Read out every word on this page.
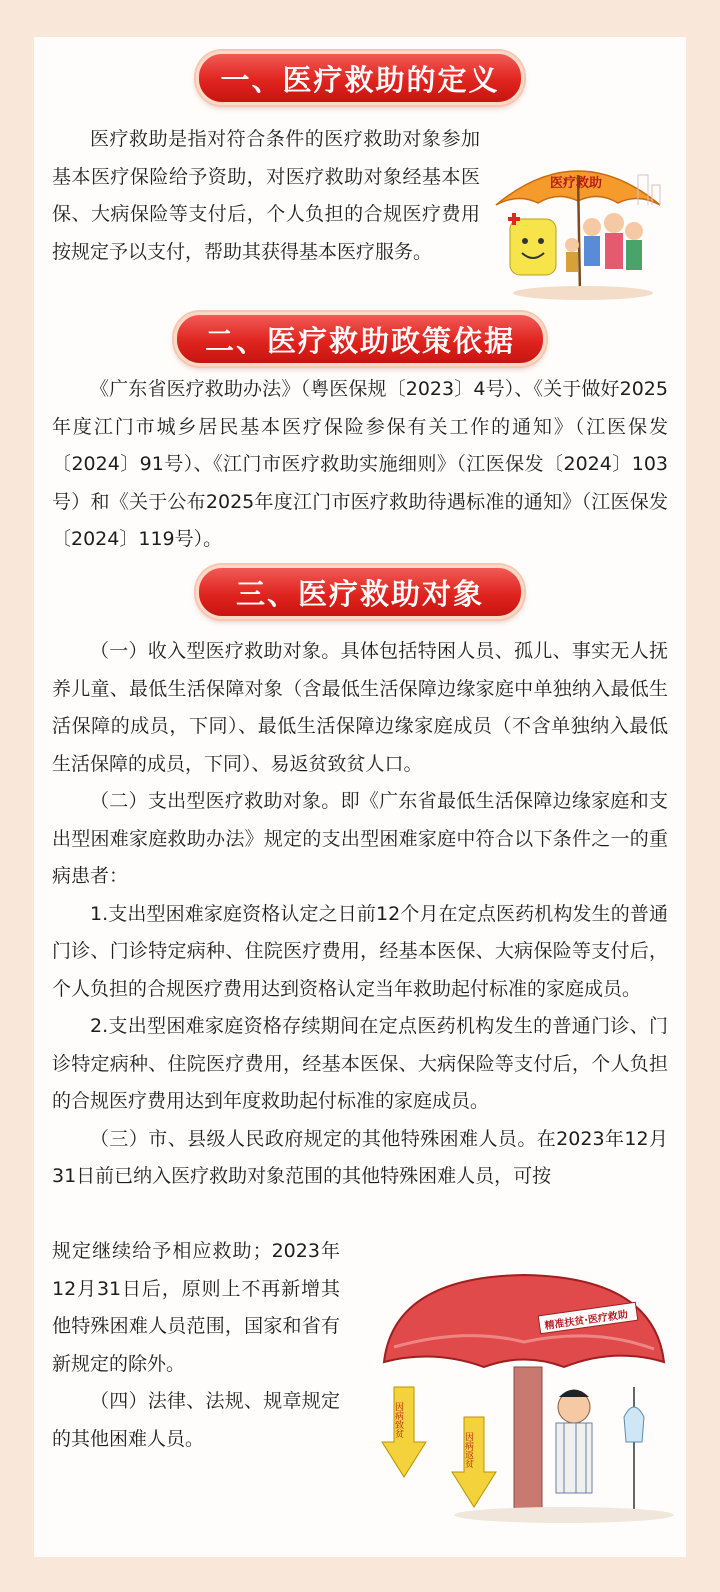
一、医疗救助的定义

医疗救助是指对符合条件的医疗救助对象参加基本医疗保险给予资助，对医疗救助对象经基本医保、大病保险等支付后，个人负担的合规医疗费用按规定予以支付，帮助其获得基本医疗服务。

医疗救助
二、医疗救助政策依据

《广东省医疗救助办法》（粤医保规〔2023〕4号）、《关于做好2025年度江门市城乡居民基本医疗保险参保有关工作的通知》（江医保发〔2024〕91号）、《江门市医疗救助实施细则》（江医保发〔2024〕103号）和《关于公布2025年度江门市医疗救助待遇标准的通知》（江医保发〔2024〕119号）。

三、医疗救助对象

（一）收入型医疗救助对象。具体包括特困人员、孤儿、事实无人抚养儿童、最低生活保障对象（含最低生活保障边缘家庭中单独纳入最低生活保障的成员，下同）、最低生活保障边缘家庭成员（不含单独纳入最低生活保障的成员，下同）、易返贫致贫人口。

（二）支出型医疗救助对象。即《广东省最低生活保障边缘家庭和支出型困难家庭救助办法》规定的支出型困难家庭中符合以下条件之一的重病患者：

1.支出型困难家庭资格认定之日前12个月在定点医药机构发生的普通门诊、门诊特定病种、住院医疗费用，经基本医保、大病保险等支付后，个人负担的合规医疗费用达到资格认定当年救助起付标准的家庭成员。

2.支出型困难家庭资格存续期间在定点医药机构发生的普通门诊、门诊特定病种、住院医疗费用，经基本医保、大病保险等支付后，个人负担的合规医疗费用达到年度救助起付标准的家庭成员。

（三）市、县级人民政府规定的其他特殊困难人员。在2023年12月31日前已纳入医疗救助对象范围的其他特殊困难人员，可按

规定继续给予相应救助；2023年12月31日后，原则上不再新增其他特殊困难人员范围，国家和省有新规定的除外。

（四）法律、法规、规章规定的其他困难人员。

精准扶贫·医疗救助
因病致贫
因病返贫
